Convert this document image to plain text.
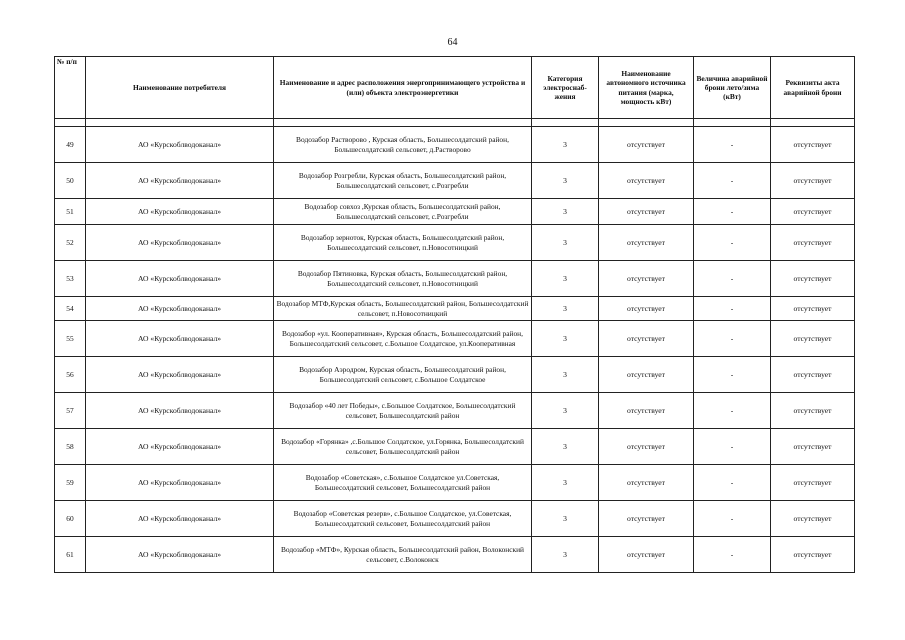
64
№ п/п	Наименование потребителя	Наименование и адрес расположения энергопринимающего устройства и (или) объекта электроэнергетики	Категория электроснаб-жения	Наименование автономного источника питания (марка, мощность кВт)	Величина аварийной брони лето/зима (кВт)	Реквизиты акта аварийной брони

49	АО «Курскоблводоканал»	Водозабор Растворово , Курская область, Большесолдатский район, Большесолдатский сельсовет, д.Растворово	3	отсутствует	-	отсутствует
50	АО «Курскоблводоканал»	Водозабор Розгребли, Курская область, Большесолдатский район, Большесолдатский сельсовет, с.Розгребли	3	отсутствует	-	отсутствует
51	АО «Курскоблводоканал»	Водозабор совхоз ,Курская область, Большесолдатский район, Большесолдатский сельсовет, с.Розгребли	3	отсутствует	-	отсутствует
52	АО «Курскоблводоканал»	Водозабор зерноток, Курская область, Большесолдатский район, Большесолдатский сельсовет, п.Новосотницкий	3	отсутствует	-	отсутствует
53	АО «Курскоблводоканал»	Водозабор Пятиновка, Курская область, Большесолдатский район, Большесолдатский сельсовет, п.Новосотницкий	3	отсутствует	-	отсутствует
54	АО «Курскоблводоканал»	Водозабор МТФ,Курская область, Большесолдатский район, Большесолдатский сельсовет, п.Новосотницкий	3	отсутствует	-	отсутствует
55	АО «Курскоблводоканал»	Водозабор «ул. Кооперативная», Курская область, Большесолдатский район, Большесолдатский сельсовет, с.Большое Солдатское, ул.Кооперативная	3	отсутствует	-	отсутствует
56	АО «Курскоблводоканал»	Водозабор Аэродром, Курская область, Большесолдатский район, Большесолдатский сельсовет, с.Большое Солдатское	3	отсутствует	-	отсутствует
57	АО «Курскоблводоканал»	Водозабор «40 лет Победы», с.Большое Солдатское, Большесолдатский сельсовет, Большесолдатский район	3	отсутствует	-	отсутствует
58	АО «Курскоблводоканал»	Водозабор «Горянка» ,с.Большое Солдатское, ул.Горянка, Большесолдатский сельсовет, Большесолдатский район	3	отсутствует	-	отсутствует
59	АО «Курскоблводоканал»	Водозабор «Советская», с.Большое Солдатское ул.Советская, Большесолдатский сельсовет, Большесолдатский район	3	отсутствует	-	отсутствует
60	АО «Курскоблводоканал»	Водозабор «Советская резерв», с.Большое Солдатское, ул.Советская, Большесолдатский сельсовет, Большесолдатский район	3	отсутствует	-	отсутствует
61	АО «Курскоблводоканал»	Водозабор «МТФ», Курская область, Большесолдатский район, Волоконский сельсовет, с.Волоконск	3	отсутствует	-	отсутствует
